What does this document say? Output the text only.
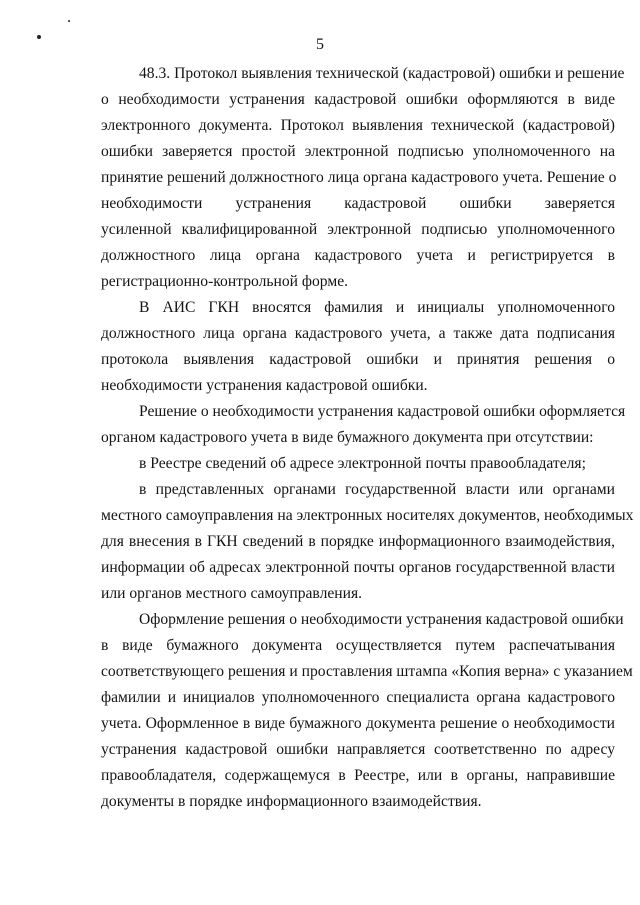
5
48.3. Протокол выявления технической (кадастровой) ошибки и решение
о необходимости устранения кадастровой ошибки оформляются в виде
электронного документа. Протокол выявления технической (кадастровой)
ошибки заверяется простой электронной подписью уполномоченного на
принятие решений должностного лица органа кадастрового учета. Решение о
необходимости устранения кадастровой ошибки заверяется
усиленной квалифицированной электронной подписью уполномоченного
должностного лица органа кадастрового учета и регистрируется в
регистрационно-контрольной форме.
В АИС ГКН вносятся фамилия и инициалы уполномоченного
должностного лица органа кадастрового учета, а также дата подписания
протокола выявления кадастровой ошибки и принятия решения о
необходимости устранения кадастровой ошибки.
Решение о необходимости устранения кадастровой ошибки оформляется
органом кадастрового учета в виде бумажного документа при отсутствии:
в Реестре сведений об адресе электронной почты правообладателя;
в представленных органами государственной власти или органами
местного самоуправления на электронных носителях документов, необходимых
для внесения в ГКН сведений в порядке информационного взаимодействия,
информации об адресах электронной почты органов государственной власти
или органов местного самоуправления.
Оформление решения о необходимости устранения кадастровой ошибки
в виде бумажного документа осуществляется путем распечатывания
соответствующего решения и проставления штампа «Копия верна» с указанием
фамилии и инициалов уполномоченного специалиста органа кадастрового
учета. Оформленное в виде бумажного документа решение о необходимости
устранения кадастровой ошибки направляется соответственно по адресу
правообладателя, содержащемуся в Реестре, или в органы, направившие
документы в порядке информационного взаимодействия.
